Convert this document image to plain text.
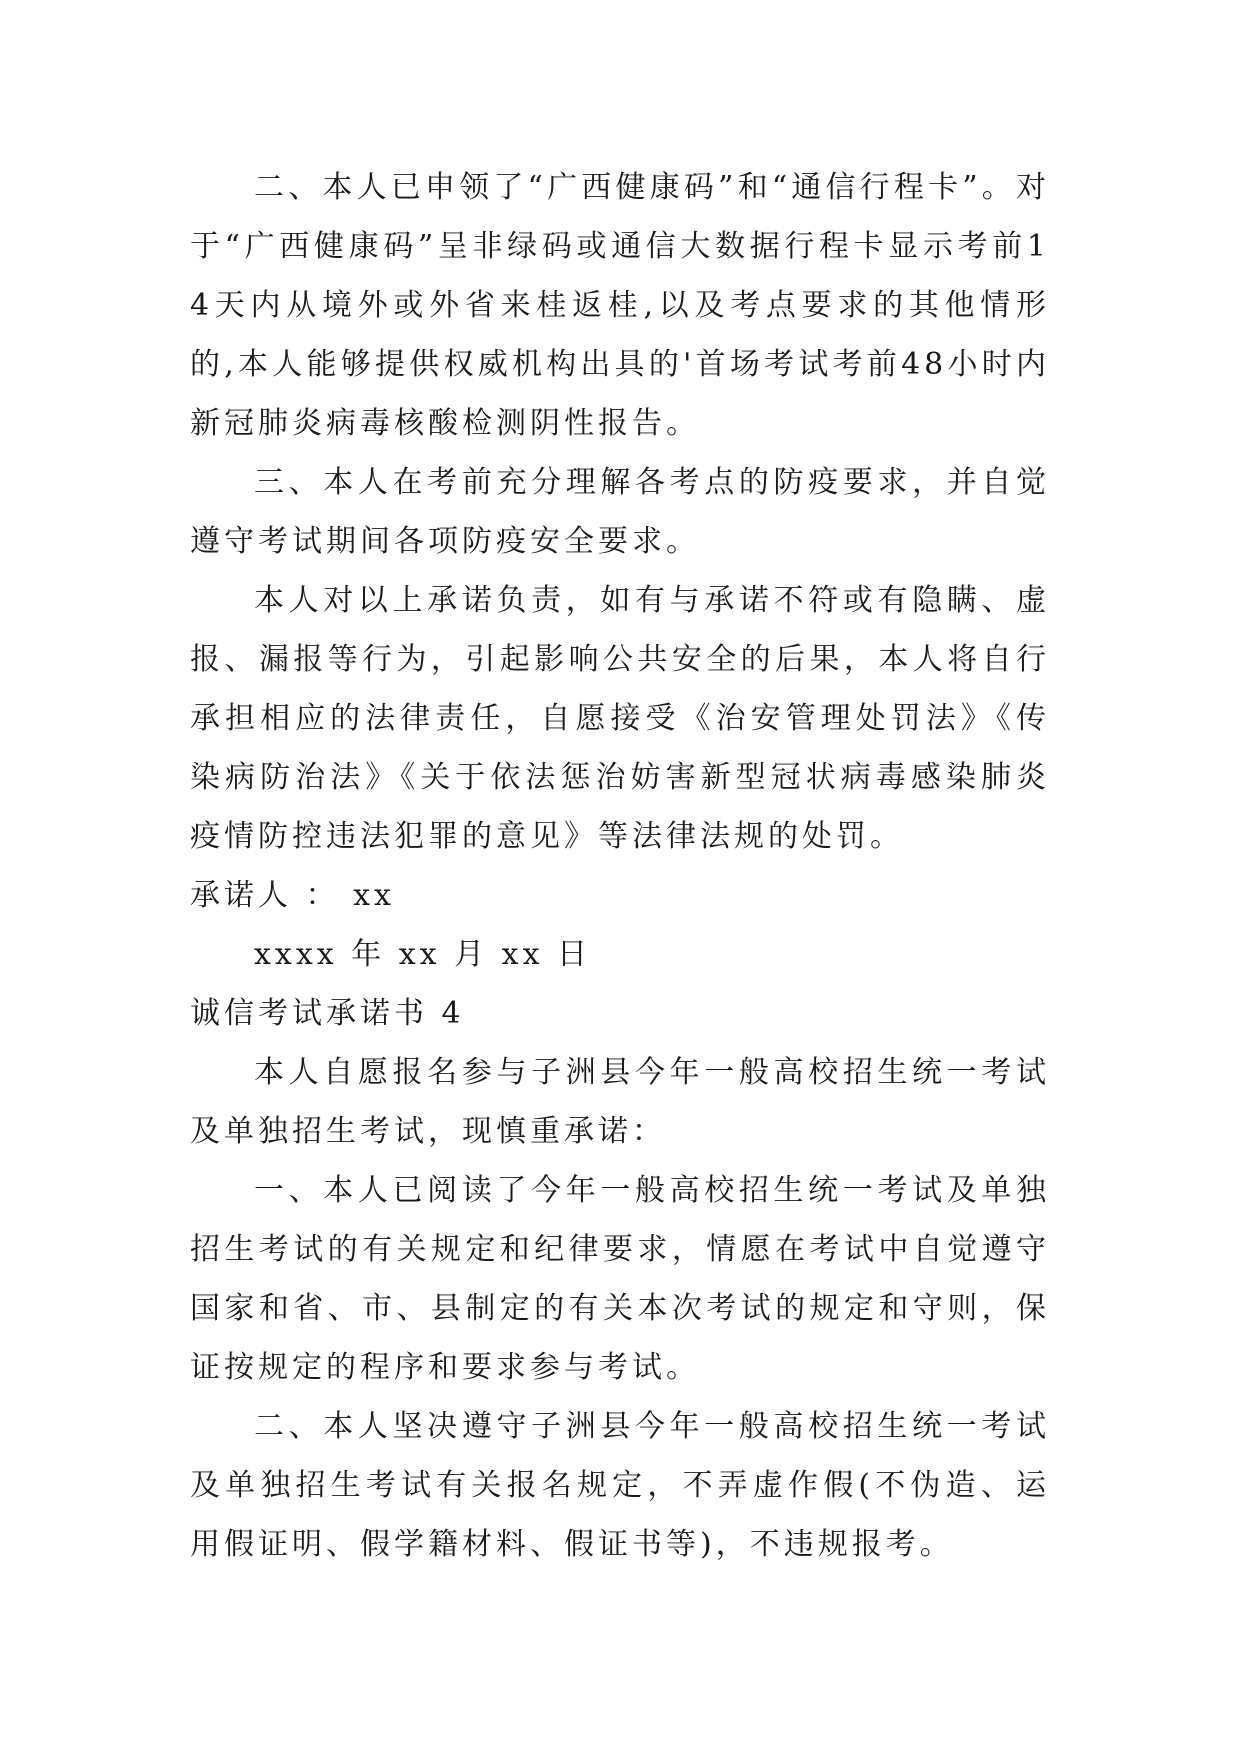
二、本人已申领了“广西健康码”和“通信行程卡”。对于“广西健康码”呈非绿码或通信大数据行程卡显示考前14天内从境外或外省来桂返桂,以及考点要求的其他情形的,本人能够提供权威机构出具的'首场考试考前48小时内新冠肺炎病毒核酸检测阴性报告。

三、本人在考前充分理解各考点的防疫要求，并自觉遵守考试期间各项防疫安全要求。

本人对以上承诺负责，如有与承诺不符或有隐瞒、虚报、漏报等行为，引起影响公共安全的后果，本人将自行承担相应的法律责任，自愿接受《治安管理处罚法》《传染病防治法》《关于依法惩治妨害新型冠状病毒感染肺炎疫情防控违法犯罪的意见》等法律法规的处罚。

承诺人 ： xx

xxxx 年 xx 月 xx 日

诚信考试承诺书 4

本人自愿报名参与子洲县今年一般高校招生统一考试及单独招生考试，现慎重承诺：

一、本人已阅读了今年一般高校招生统一考试及单独招生考试的有关规定和纪律要求，情愿在考试中自觉遵守国家和省、市、县制定的有关本次考试的规定和守则，保证按规定的程序和要求参与考试。

二、本人坚决遵守子洲县今年一般高校招生统一考试及单独招生考试有关报名规定，不弄虚作假(不伪造、运用假证明、假学籍材料、假证书等)，不违规报考。
